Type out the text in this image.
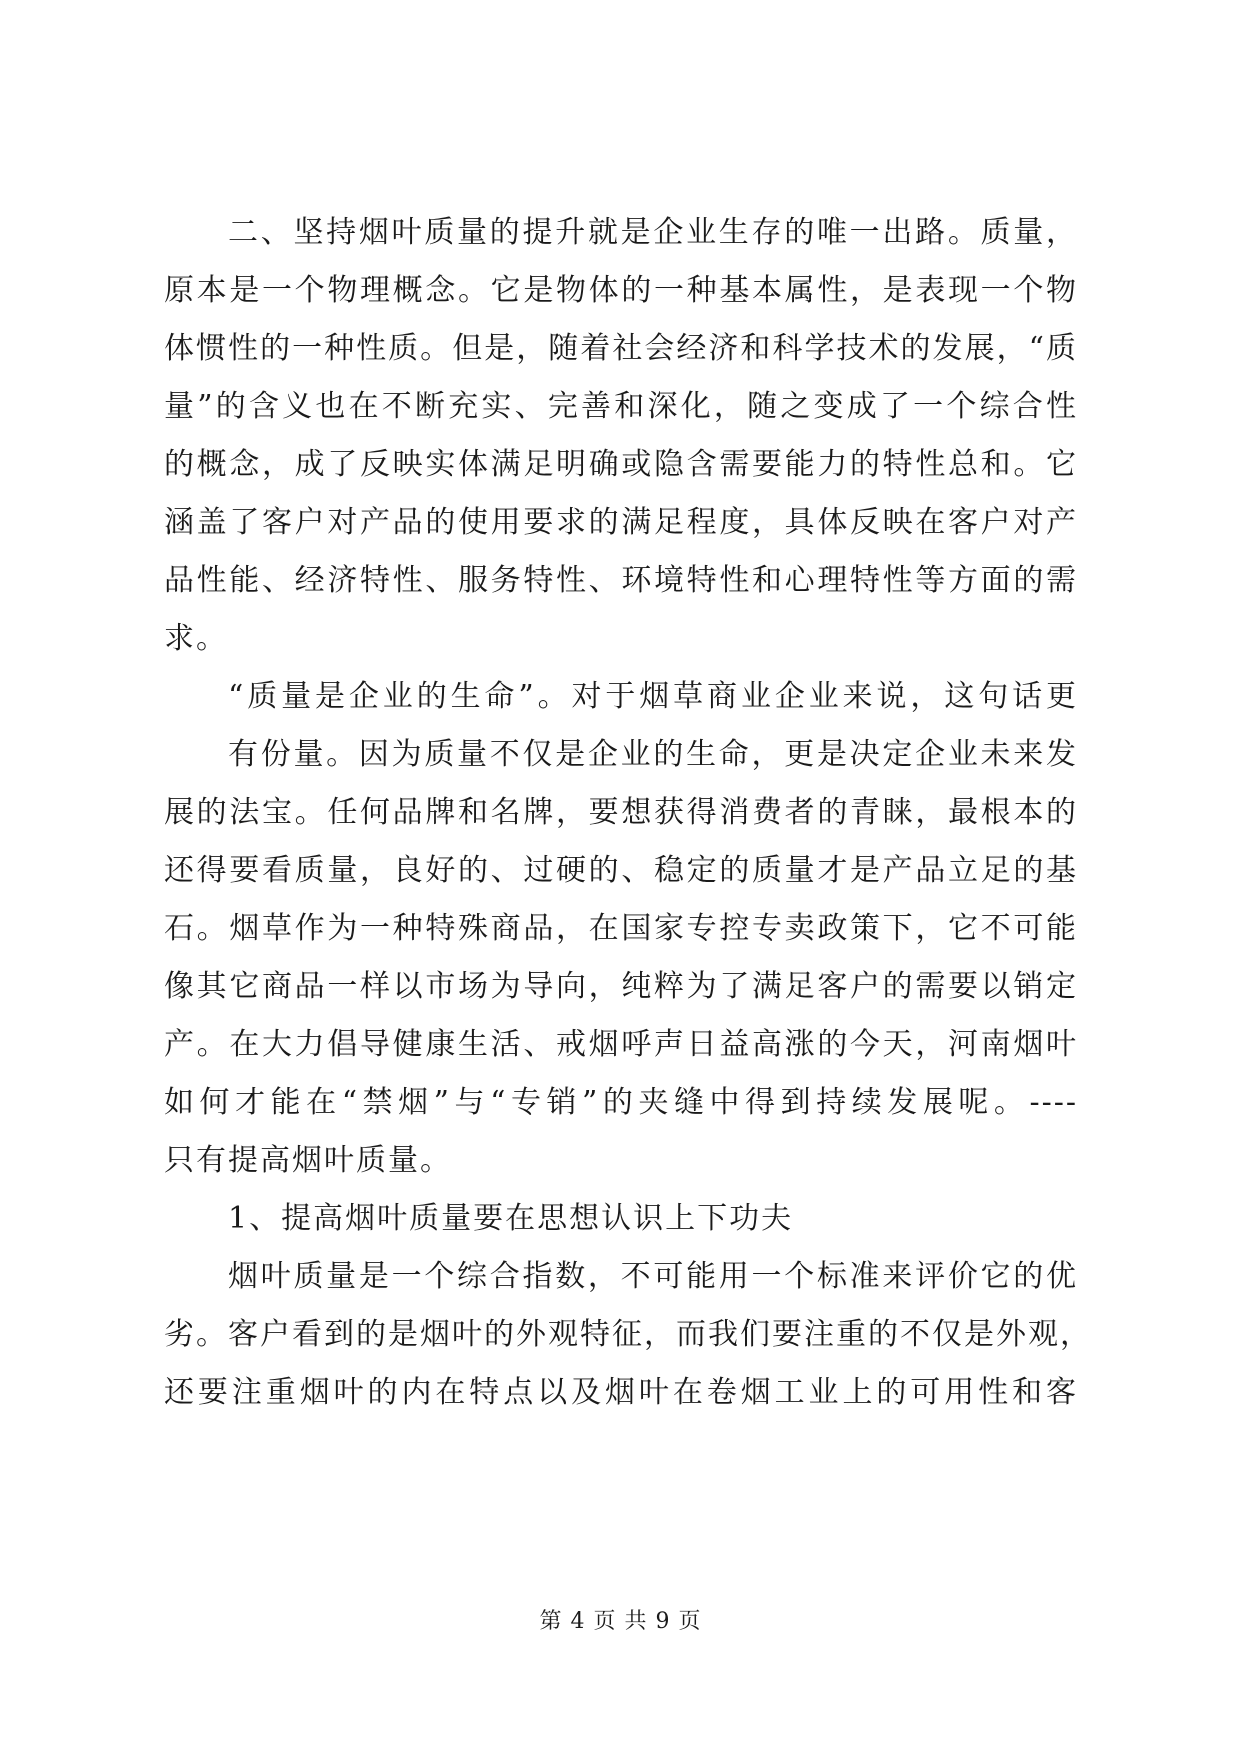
二、坚持烟叶质量的提升就是企业生存的唯一出路。质量，
原本是一个物理概念。它是物体的一种基本属性，是表现一个物
体惯性的一种性质。但是，随着社会经济和科学技术的发展，“质
量”的含义也在不断充实、完善和深化，随之变成了一个综合性
的概念，成了反映实体满足明确或隐含需要能力的特性总和。它
涵盖了客户对产品的使用要求的满足程度，具体反映在客户对产
品性能、经济特性、服务特性、环境特性和心理特性等方面的需
求。

“质量是企业的生命”。对于烟草商业企业来说，这句话更

有份量。因为质量不仅是企业的生命，更是决定企业未来发
展的法宝。任何品牌和名牌，要想获得消费者的青睐，最根本的
还得要看质量，良好的、过硬的、稳定的质量才是产品立足的基
石。烟草作为一种特殊商品，在国家专控专卖政策下，它不可能
像其它商品一样以市场为导向，纯粹为了满足客户的需要以销定
产。在大力倡导健康生活、戒烟呼声日益高涨的今天，河南烟叶
如何才能在“禁烟”与“专销”的夹缝中得到持续发展呢。----
只有提高烟叶质量。

1、提高烟叶质量要在思想认识上下功夫

烟叶质量是一个综合指数，不可能用一个标准来评价它的优
劣。客户看到的是烟叶的外观特征，而我们要注重的不仅是外观，
还要注重烟叶的内在特点以及烟叶在卷烟工业上的可用性和客

第 4 页 共 9 页
